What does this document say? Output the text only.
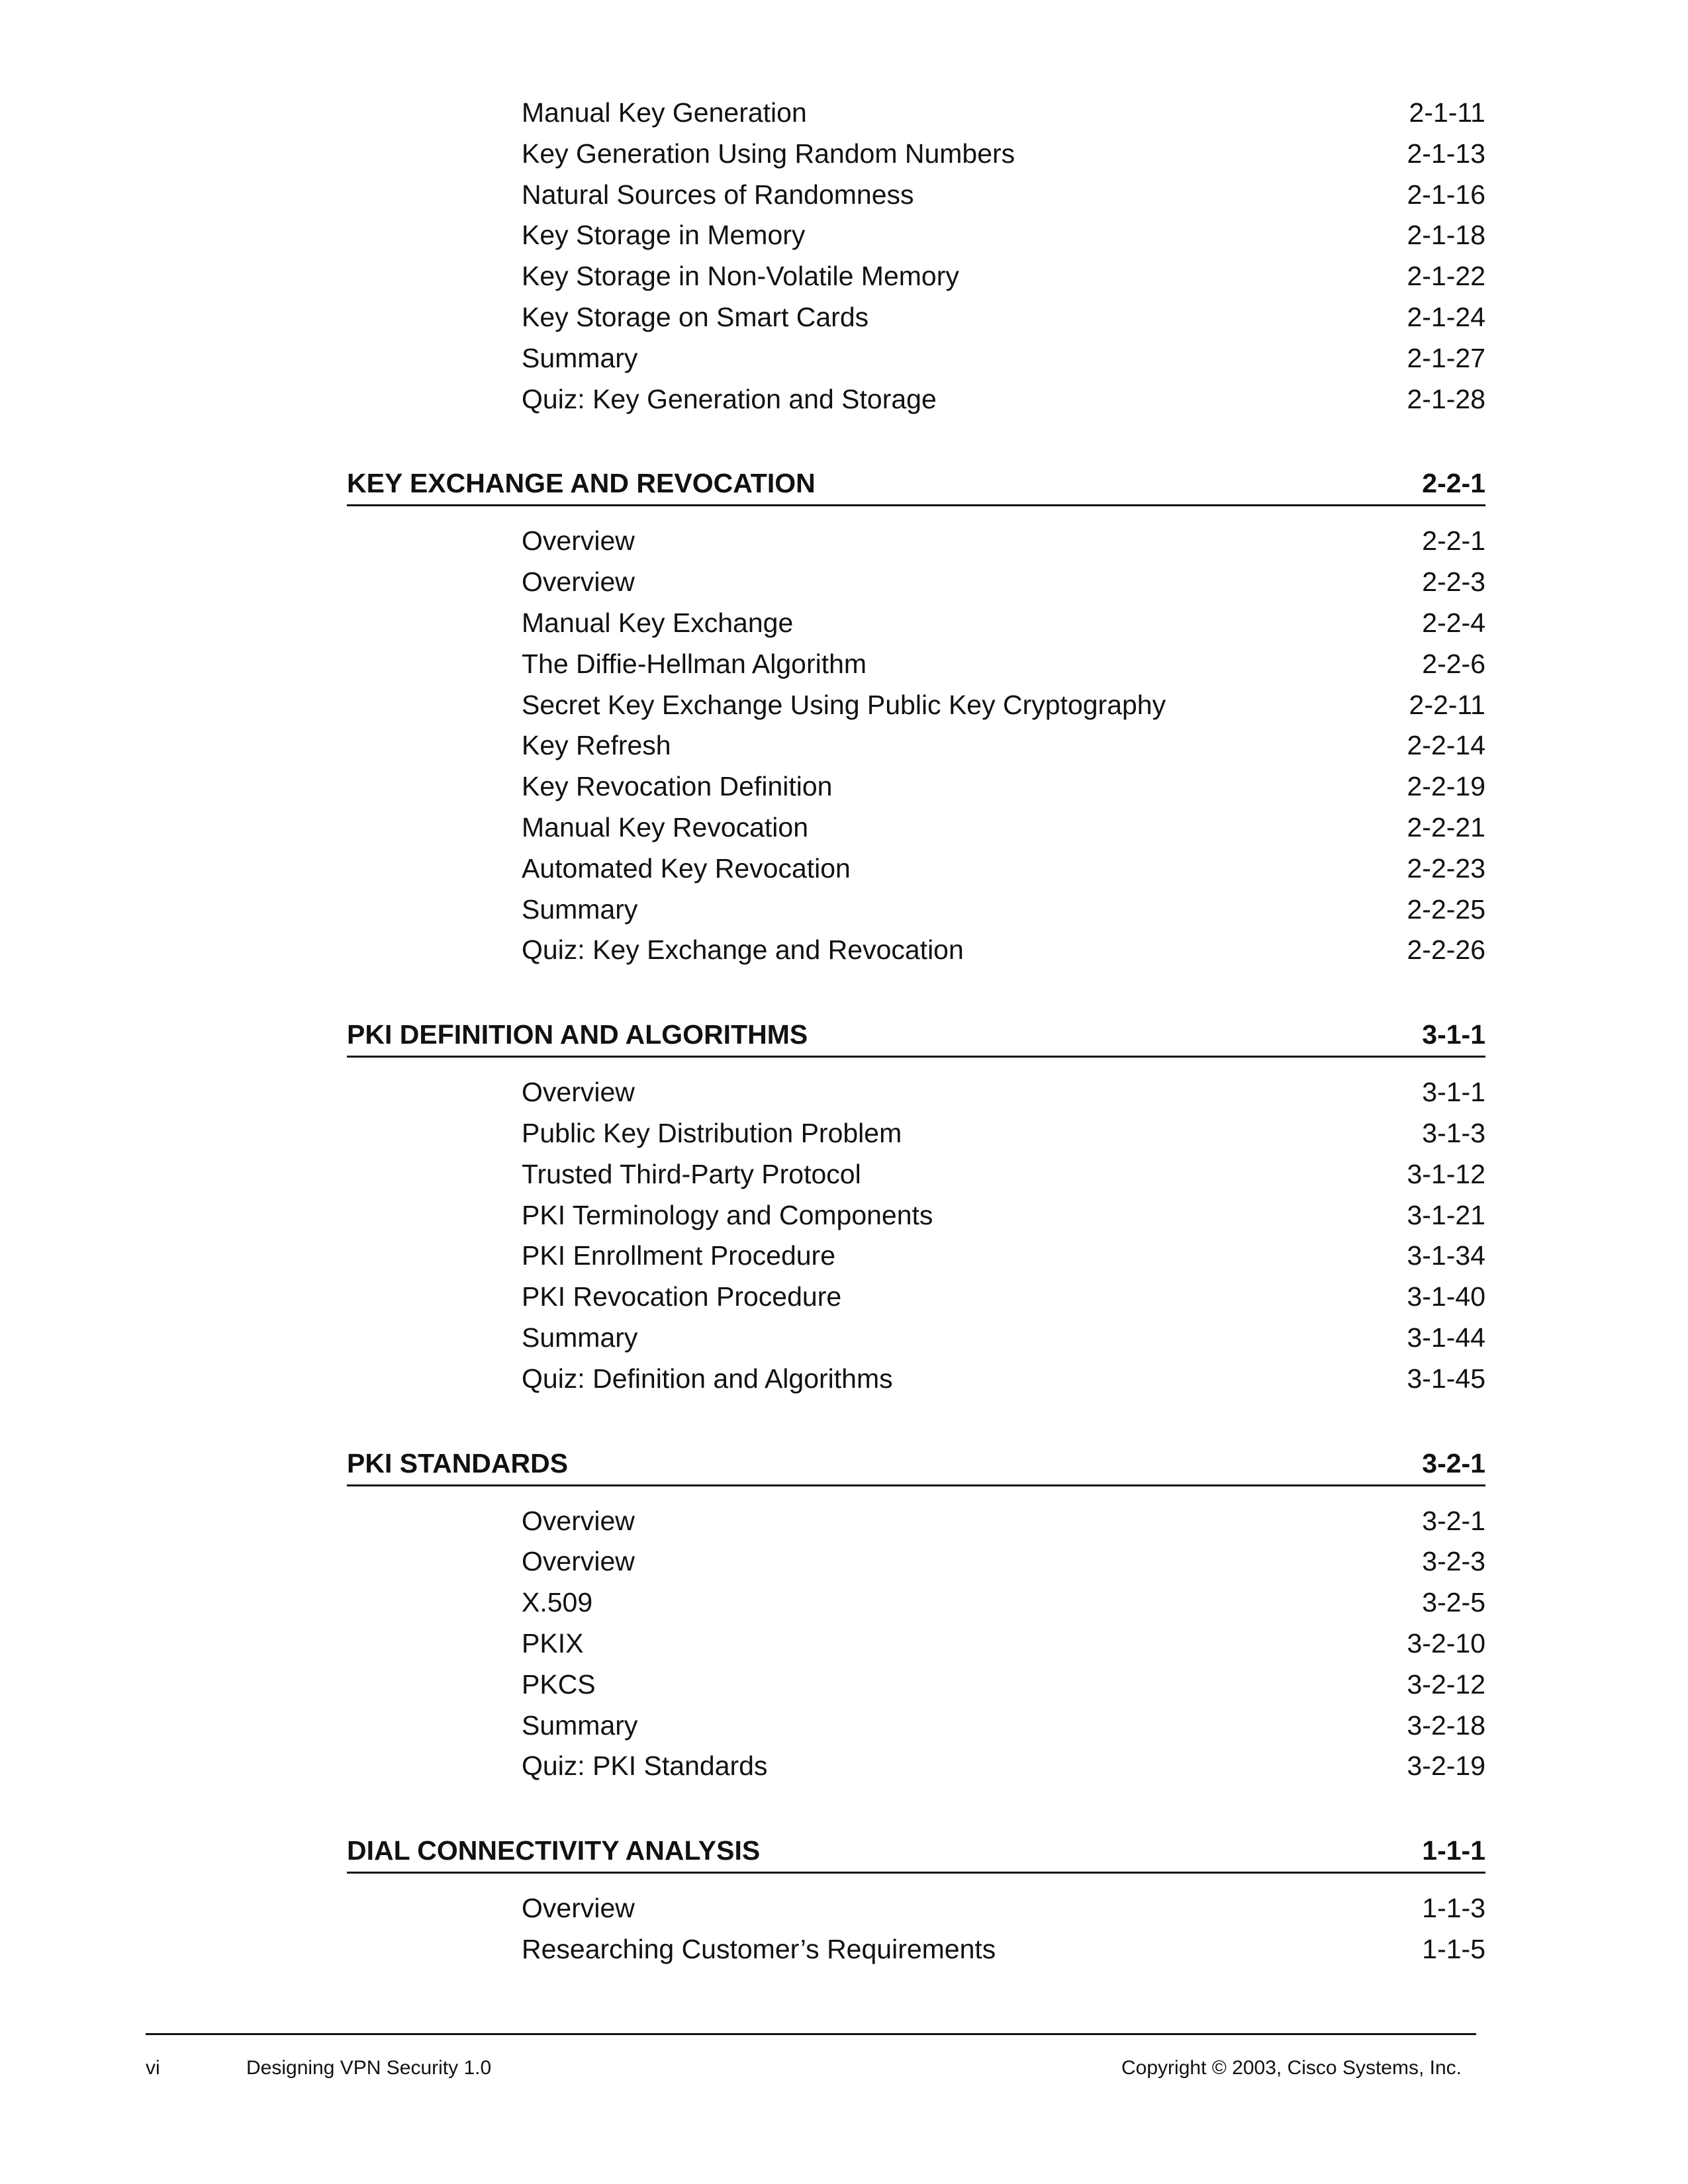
Manual Key Generation	2-1-11
Key Generation Using Random Numbers	2-1-13
Natural Sources of Randomness	2-1-16
Key Storage in Memory	2-1-18
Key Storage in Non-Volatile Memory	2-1-22
Key Storage on Smart Cards	2-1-24
Summary	2-1-27
Quiz: Key Generation and Storage	2-1-28
KEY EXCHANGE AND REVOCATION	2-2-1
Overview	2-2-1
Overview	2-2-3
Manual Key Exchange	2-2-4
The Diffie-Hellman Algorithm	2-2-6
Secret Key Exchange Using Public Key Cryptography	2-2-11
Key Refresh	2-2-14
Key Revocation Definition	2-2-19
Manual Key Revocation	2-2-21
Automated Key Revocation	2-2-23
Summary	2-2-25
Quiz: Key Exchange and Revocation	2-2-26
PKI DEFINITION AND ALGORITHMS	3-1-1
Overview	3-1-1
Public Key Distribution Problem	3-1-3
Trusted Third-Party Protocol	3-1-12
PKI Terminology and Components	3-1-21
PKI Enrollment Procedure	3-1-34
PKI Revocation Procedure	3-1-40
Summary	3-1-44
Quiz: Definition and Algorithms	3-1-45
PKI STANDARDS	3-2-1
Overview	3-2-1
Overview	3-2-3
X.509	3-2-5
PKIX	3-2-10
PKCS	3-2-12
Summary	3-2-18
Quiz: PKI Standards	3-2-19
DIAL CONNECTIVITY ANALYSIS	1-1-1
Overview	1-1-3
Researching Customer’s Requirements	1-1-5
vi	Designing VPN Security 1.0	Copyright © 2003, Cisco Systems, Inc.
